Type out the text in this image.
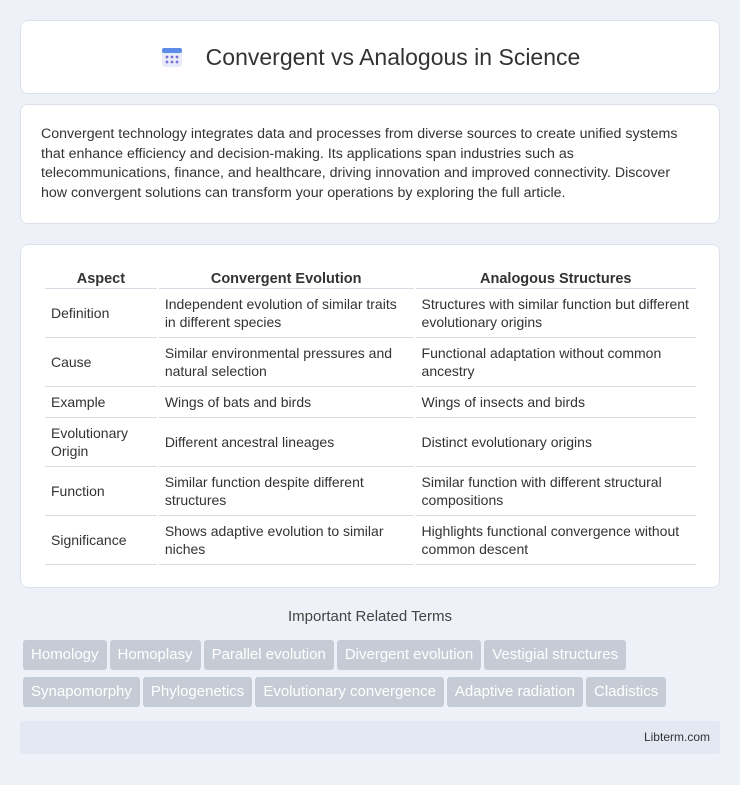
Convergent vs Analogous in Science

Convergent technology integrates data and processes from diverse sources to create unified systems that enhance efficiency and decision-making. Its applications span industries such as telecommunications, finance, and healthcare, driving innovation and improved connectivity. Discover how convergent solutions can transform your operations by exploring the full article.

Aspect	Convergent Evolution	Analogous Structures
Definition	Independent evolution of similar traits in different species	Structures with similar function but different evolutionary origins
Cause	Similar environmental pressures and natural selection	Functional adaptation without common ancestry
Example	Wings of bats and birds	Wings of insects and birds
Evolutionary Origin	Different ancestral lineages	Distinct evolutionary origins
Function	Similar function despite different structures	Similar function with different structural compositions
Significance	Shows adaptive evolution to similar niches	Highlights functional convergence without common descent
Important Related Terms
Homology Homoplasy Parallel evolution Divergent evolution Vestigial structures
Synapomorphy Phylogenetics Evolutionary convergence Adaptive radiation Cladistics
Libterm.com
